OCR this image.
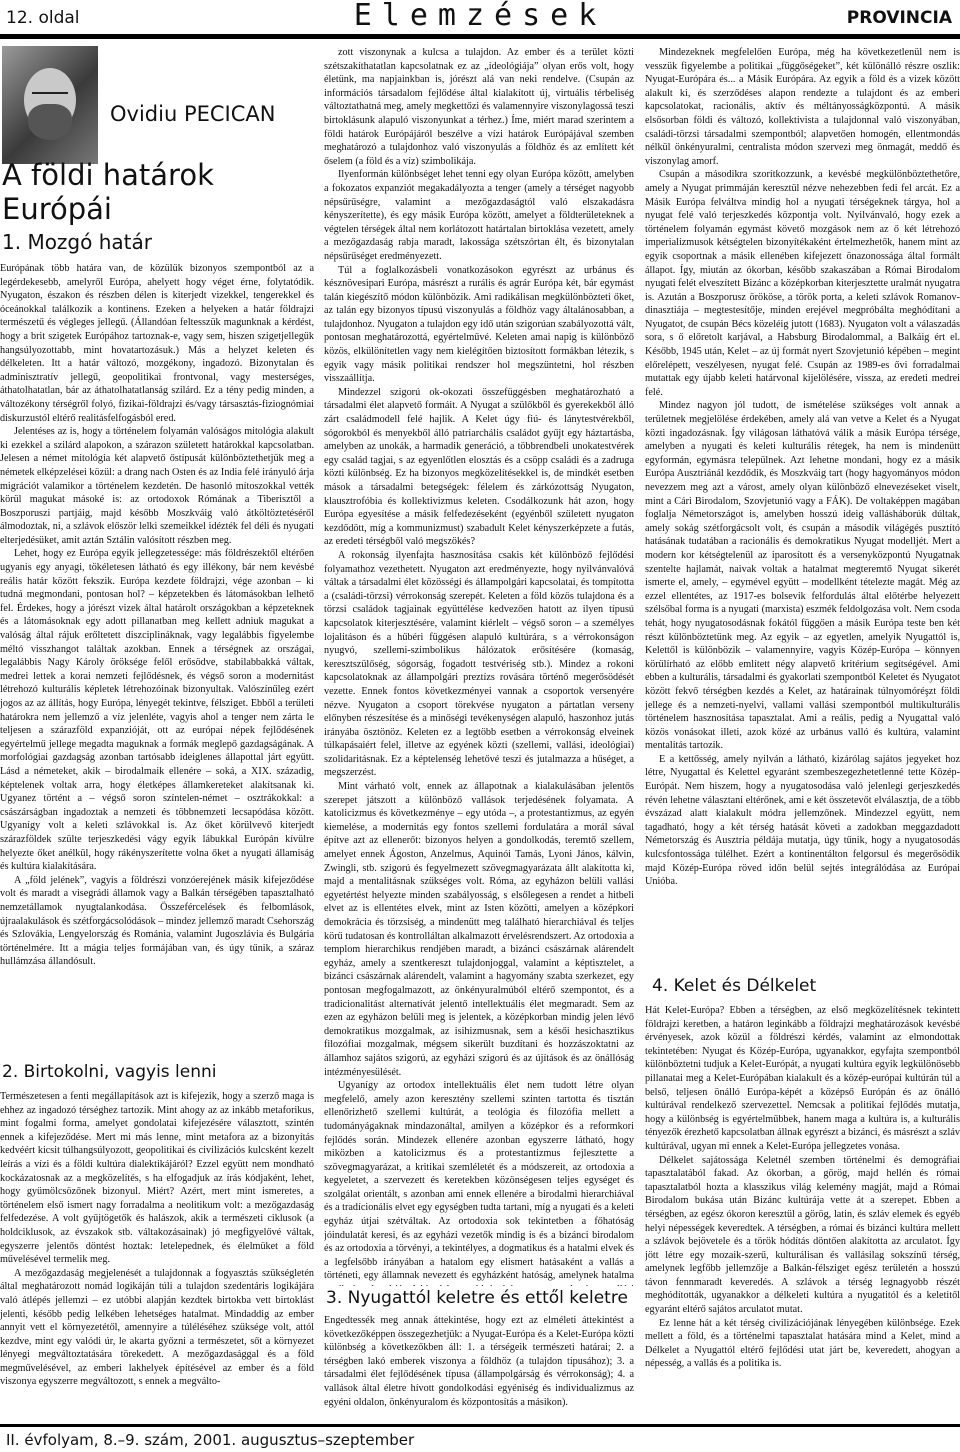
12. oldal	Elemzések	PROVINCIA
Ovidiu PECICAN
A földi határok Európái
1. Mozgó határ

Európának több határa van, de közülük bizonyos szempontból az a legérdekesebb, amelyről Európa, ahelyett hogy véget érne, folytatódik. Nyugaton, északon és részben délen is kiterjedt vizekkel, tengerekkel és óceánokkal találkozik a kontinens. Ezeken a helyeken a határ földrajzi természetű és végleges jellegű. (Állandóan feltesszük magunknak a kérdést, hogy a brit szigetek Európához tartoznak-e, vagy sem, hiszen szigetjellegük hangsúlyozottabb, mint hovatartozásuk.) Más a helyzet keleten és délkeleten. Itt a határ változó, mozgékony, ingadozó. Bizonytalan és adminisztratív jellegű, geopolitikai frontvonal, vagy mesterséges, áthatolhatatlan, bár az áthatolhatatlanság szilárd. Ez a tény pedig minden, a változékony térségről folyó, fizikai-földrajzi és/vagy társasztás-fiziognómiai diskurzustól eltérő realitásfelfogásból ered.

Jelentéses az is, hogy a történelem folyamán valóságos mitológia alakult ki ezekkel a szilárd alapokon, a szárazon született határokkal kapcsolatban. Jelesen a német mitológia két alapvető őstípusát különböztethetjük meg a németek elképzelései közül: a drang nach Osten és az India felé irányuló árja migrációt valamikor a történelem kezdetén. De hasonló mítoszokkal vették körül magukat másoké is: az ortodoxok Rómának a Tiberisztől a Boszporuszi partjáig, majd később Moszkváig való átköltöztetéséről álmodoztak, ni, a szlávok először lelki szemeikkel idézték fel déli és nyugati elterjedésüket, amit aztán Sztálin valósított részben meg.

Lehet, hogy ez Európa egyik jellegzetessége: más földrészektől eltérően ugyanis egy anyagi, tökéletesen látható és egy illékony, bár nem kevésbé reális határ között fekszik. Európa kezdete földrajzi, vége azonban – ki tudná megmondani, pontosan hol? – képzetekben és látomásokban lelhető fel. Érdekes, hogy a jórészt vizek által határolt országokban a képzeteknek és a látomásoknak egy adott pillanatban meg kellett adniuk magukat a valóság által rájuk erőltetett diszciplináknak, vagy legalábbis figyelembe méltó visszhangot találtak azokban. Ennek a térségnek az országai, legalábbis Nagy Károly öröksége felől erősödve, stabilabbakká váltak, medrei lettek a korai nemzeti fejlődésnek, és végső soron a modernitást létrehozó kulturális képletek létrehozóinak bizonyultak. Valószínűleg ezért jogos az az állítás, hogy Európa, lényegét tekintve, félsziget. Ebből a területi határokra nem jellemző a víz jelenléte, vagyis ahol a tenger nem zárta le teljesen a szárazföld expanzióját, ott az európai népek fejlődésének egyértelmű jellege megadta maguknak a formák meglepő gazdagságának. A morfológiai gazdagság azonban tartósabb ideiglenes állapottal járt együtt. Lásd a németeket, akik – birodalmaik ellenére – soká, a XIX. századig, képtelenek voltak arra, hogy életképes államkereteket alakítsanak ki. Ugyanez történt a – végső soron színtelen-német – osztrákokkal: a császárságban ingadoztak a nemzeti és többnemzeti lecsapódása között. Ugyanígy volt a keleti szlávokkal is. Az őket körülvevő kiterjedt szárazföldek szülte terjeszkedési vágy egyik lábukkal Európán kívülre helyezte őket anélkül, hogy rákényszerítette volna őket a nyugati államiság és kultúra kialakítására.

A „föld jelének”, vagyis a földrészi vonzóerejének másik kifejeződése volt és maradt a visegrádi államok vagy a Balkán térségében tapasztalható nemzetállamok nyugtalankodása. Összefércelések és felbomlások, újraalakulások és szétforgácsolódások – mindez jellemző maradt Csehország és Szlovákia, Lengyelország és Románia, valamint Jugoszlávia és Bulgária történelmére. Itt a mágia teljes formájában van, és úgy tűnik, a száraz hullámzása állandósult.

2. Birtokolni, vagyis lenni

Természetesen a fenti megállapítások azt is kifejezik, hogy a szerző maga is ehhez az ingadozó térséghez tartozik. Mint ahogy az az inkább metaforikus, mint fogalmi forma, amelyet gondolatai kifejezésére választott, szintén ennek a kifejeződése. Mert mi más lenne, mint metafora az a bizonyítás kedvéért kicsit túlhangsúlyozott, geopolitikai és civilizációs kulcsként kezelt leírás a vízi és a földi kultúra dialektikájáról? Ezzel együtt nem mondható kockázatosnak az a megközelítés, s ha elfogadjuk az írás kódjaként, lehet, hogy gyümölcsözőnek bizonyul. Miért? Azért, mert mint ismeretes, a történelem első ismert nagy forradalma a neolitikum volt: a mezőgazdaság felfedezése. A volt gyűjtögetők és halászok, akik a természeti ciklusok (a holdciklusok, az évszakok stb. váltakozásainak) jó megfigyelővé váltak, egyszerre jelentős döntést hoztak: letelepednek, és élelmüket a föld művelésével termelik meg.

A mezőgazdaság megjelenését a tulajdonnak a fogyasztás szükségletén által meghatározott nomád logikáján túli a tulajdon szedentáris logikájára való átlépés jellemzi – ez utóbbi alapján kezdtek birtokba vett birtoklást jelenti, később pedig lelkében lehetséges hatalmat. Mindaddig az ember annyit vett el környezetétől, amennyire a túléléséhez szüksége volt, attól kezdve, mint egy valódi úr, le akarta győzni a természetet, sőt a környezet lényegi megváltoztatására törekedett. A mezőgazdasággal és a föld megművelésével, az emberi lakhelyek építésével az ember és a föld viszonya egyszerre megváltozott, s ennek a megválto-

zott viszonynak a kulcsa a tulajdon. Az ember és a terület közti szétszakíthatatlan kapcsolatnak ez az „ideológiája” olyan erős volt, hogy életünk, ma napjainkban is, jórészt alá van neki rendelve. (Csupán az információs társadalom fejlődése által kialakított új, virtuális térbeliség változtathatná meg, amely megkettőzi és valamennyire viszonylagossá teszi birtoklásunk alapuló viszonyunkat a térhez.) Íme, miért marad szerintem a földi határok Európájáról beszélve a vízi határok Európájával szemben meghatározó a tulajdonhoz való viszonyulás a földhöz és az említett két őselem (a föld és a víz) szimbolikája.

Ilyenformán különbséget lehet tenni egy olyan Európa között, amelyben a fokozatos expanziót megakadályozta a tenger (amely a térséget nagyobb népsűrűségre, valamint a mezőgazdaságtól való elszakadásra kényszerítette), és egy másik Európa között, amelyet a földterületeknek a végtelen térségek által nem korlátozott határtalan birtoklása vezetett, amely a mezőgazdaság rabja maradt, lakossága szétszórtan élt, és bizonytalan népsűrűséget eredményezett.

Túl a foglalkozásbeli vonatkozásokon egyrészt az urbánus és késznövesipari Európa, másrészt a rurális és agrár Európa két, bár egymást talán kiegészítő módon különbözik. Ami radikálisan megkülönbözteti őket, az talán egy bizonyos típusú viszonyulás a földhöz vagy általánosabban, a tulajdonhoz. Nyugaton a tulajdon egy idő után szigorúan szabályozottá vált, pontosan meghatározottá, egyértelművé. Keleten amai napig is különböző közös, elkülönítetlen vagy nem kielégítően biztosított formákban létezik, s egyik vagy másik politikai rendszer hol megszüntetni, hol részben visszaállítja.

Mindezzel szigorú ok-okozati összefüggésben meghatározható a társadalmi élet alapvető formáit. A Nyugat a szülőkből és gyerekekből álló zárt családmodell felé hajlik. A Kelet úgy fiú- és lánytestvérekből, sógorokból és menyekből álló patriarchális családot gyűjt egy háztartásba, amelyben az unokák, a harmadik generáció, a többrendbeli unokatestvérek egy család tagjai, s az egyenlőtlen elosztás és a csöpp családi és a zadruga közti különbség. Ez ha bizonyos megközelítésekkel is, de mindkét esetben mások a társadalmi betegségek: félelem és zárkózottság Nyugaton, klausztrofóbia és kollektivizmus keleten. Csodálkozunk hát azon, hogy Európa egyesítése a másik felfedezéseként (egyénből született nyugaton kezdődött, míg a kommunizmust) szabadult Kelet kényszerképzete a futás, az eredeti térségből való megszökés?

A rokonság ilyenfajta hasznosítása csakis két különböző fejlődési folyamathoz vezethetett. Nyugaton azt eredményezte, hogy nyilvánvalóvá váltak a társadalmi élet közösségi és állampolgári kapcsolatai, és tompította a (családi-törzsi) vérrokonság szerepét. Keleten a föld közös tulajdona és a törzsi családok tagjainak együttélése kedvezően hatott az ilyen típusú kapcsolatok kiterjesztésére, valamint kiérlelt – végső soron – a személyes lojalitáson és a hűbéri függésen alapuló kultúrára, s a vérrokonságon nyugvó, szellemi-szimbolikus hálózatok erősítésére (komaság, keresztszülőség, sógorság, fogadott testvériség stb.). Mindez a rokoni kapcsolatoknak az állampolgári preztízs rovására történő megerősödését vezette. Ennek fontos következményei vannak a csoportok versenyére nézve. Nyugaton a csoport törekvése nyugaton a pártatlan verseny előnyben részesítése és a minőségi tevékenységen alapuló, haszonhoz jutás irányába ösztönöz. Keleten ez a legtöbb esetben a vérrokonság elveinek túlkapásaiért felel, illetve az egyének közti (szellemi, vallási, ideológiai) szolidaritásnak. Ez a képtelenség lehetővé teszi és jutalmazza a hűséget, a megszerzést.

Mint várható volt, ennek az állapotnak a kialakulásában jelentős szerepet játszott a különböző vallások terjedésének folyamata. A katolicizmus és következménye – egy utóda –, a protestantizmus, az egyén kiemelése, a modernitás egy fontos szellemi fordulatára a morál sával építve azt az ellenerőt: bizonyos helyen a gondolkodás, teremtő szellem, amelyet ennek Ágoston, Anzelmus, Aquinói Tamás, Lyoni János, kálvin, Zwingli, stb. szigorú és fegyelmezett szövegmagyarázata állt alakította ki, majd a mentalitásnak szükséges volt. Róma, az egyházon belüli vallási egyetértést helyezte minden szabályosság, s elsőlegesen a rendet a hitbeli elvet az is ellentétes elvek, mint az Isten közötti, amelyen a középkori demokrácia és törzsiség, a mindenütt meg található hierarchiával és teljes körű tudatosan és kontrolláltan alkalmazott érvelésrendszert. Az ortodoxia a templom hierarchikus rendjében maradt, a bizánci császárnak alárendelt egyház, amely a szentkereszt tulajdonjoggal, valamint a képtisztelet, a bizánci császárnak alárendelt, valamint a hagyomány szabta szerkezet, egy pontosan megfogalmazott, az önkényuralmúból eltérő szempontot, és a tradicionalitást alternatívát jelentő intellektuális élet megmaradt. Sem az ezen az egyházon belüli meg is jelentek, a középkorban mindig jelen lévő demokratikus mozgalmak, az isihizmusnak, sem a késői hesichasztikus filozófiai mozgalmak, mégsem sikerült buzdítani és hozzászoktatni az államhoz sajátos szigorú, az egyházi szigorú és az újítások és az önállóság intézményesülését.

Ugyanígy az ortodox intellektuális élet nem tudott létre olyan megfelelő, amely azon keresztény szellemi szinten tartotta és tisztán ellenőrizhető szellemi kultúrát, a teológia és filozófia mellett a tudományágaknak mindazonáltal, amilyen a középkor és a reformkori fejlődés során. Mindezek ellenére azonban egyszerre látható, hogy miközben a katolicizmus és a protestantizmus fejlesztette a szövegmagyarázat, a kritikai szemléletét és a módszereit, az ortodoxia a kegyeletet, a szervezett és keretekben közönségesen teljes egységet és szolgálat orientált, s azonban ami ennek ellenére a birodalmi hierarchiával és a tradícionális elvet egy egységben tudta tartani, míg a nyugati és a keleti egyház útjai szétváltak. Az ortodoxia sok tekintetben a főhatóság jóindulatát keresi, és az egyházi vezetők mindig is és a bizánci birodalom és az ortodoxia a törvényi, a tekintélyes, a dogmatikus és a hatalmi elvek és a legfelsőbb irányában a hatalom egy elismert hatásaként a vallás a történeti, egy államnak nevezett és egyházként hatóság, amelynek hatalma

3. Nyugattól keletre és ettől keletre

Engedtessék meg annak áttekintése, hogy ezt az elméleti áttekintést a következőképpen összegezhetjük: a Nyugat-Európa és a Kelet-Európa közti különbség a következőkben áll: 1. a térségeik természeti határai; 2. a térségben lakó emberek viszonya a földhöz (a tulajdon típusához); 3. a társadalmi élet fejlődésének típusa (állampolgárság és vérrokonság); 4. a vallások által életre hívott gondolkodási egyéniség és individualizmus az egyéni oldalon, önkényuralom és központosítás a másikon).

Mindezeknek megfelelően Európa, még ha következetlenül nem is vesszük figyelembe a politikai „függőségeket”, két különálló részre oszlik: Nyugat-Európára és... a Másik Európára. Az egyik a föld és a vizek között alakult ki, és szerződéses alapon rendezte a tulajdont és az emberi kapcsolatokat, racionális, aktív és méltányosságközpontú. A másik elsősorban földi és változó, kollektivista a tulajdonnal való viszonyában, családi-törzsi társadalmi szempontból; alapvetően homogén, ellentmondás nélkül önkényuralmi, centralista módon szervezi meg önmagát, meddő és viszonylag amorf.

Csupán a másodikra szorítkozzunk, a kevésbé megkülönböztethetőre, amely a Nyugat primmáján keresztül nézve nehezebben fedi fel arcát. Ez a Másik Európa felváltva mindig hol a nyugati térségeknek tárgya, hol a nyugat felé való terjeszkedés központja volt. Nyilvánvaló, hogy ezek a történelem folyamán egymást követő mozgások nem az ő két létrehozó imperializmusok kétségtelen bizonyítékaként értelmezhetők, hanem mint az egyik csoportnak a másik ellenében kifejezett önazonossága által formált állapot. Így, miután az ókorban, később szakaszában a Római Birodalom nyugati felét elveszített Bizánc a középkorban kiterjesztette uralmát nyugatra is. Azután a Boszporusz örököse, a török porta, a keleti szlávok Romanov-dinasztiája – megtestesítője, minden erejével megpróbálta meghódítani a Nyugatot, de csupán Bécs közeléig jutott (1683). Nyugaton volt a válaszadás sora, s ő előretolt karjával, a Habsburg Birodalommal, a Balkáig ért el. Később, 1945 után, Kelet – az új formát nyert Szovjetunió képében – megint előrelépett, veszélyesen, nyugat felé. Csupán az 1989-es ővi forradalmai mutattak egy újabb keleti határvonal kijelölésére, vissza, az eredeti medrei felé.

Mindez nagyon jól tudott, de ismételése szükséges volt annak a területnek megjelölése érdekében, amely alá van vetve a Kelet és a Nyugat közti ingadozásnak. Így világosan láthatóvá válik a másik Európa térsége, amelyben a nyugati és keleti kulturális rétegek, ha nem is mindenütt egyformán, egymásra települnek. Azt lehetne mondani, hogy ez a másik Európa Ausztriánál kezdődik, és Moszkváig tart (hogy hagyományos módon nevezzem meg azt a várost, amely olyan különböző elnevezéseket viselt, mint a Cári Birodalom, Szovjetunió vagy a FÁK). De voltaképpen magában foglalja Németországot is, amelyben hosszú ideig vallásháborúk dúltak, amely sokág szétforgácsolt volt, és csupán a második világégés pusztító hatásának tudatában a racionális és demokratikus Nyugat modelljét. Mert a modern kor kétségtelenül az iparosított és a versenyközpontú Nyugatnak szentelte hajlamát, naivak voltak a hatalmat megteremtő Nyugat sikerét ismerte el, amely, – egymével együtt – modellként tételezte magát. Még az ezzel ellentétes, az 1917-es bolsevik felfordulás által előtérbe helyezett szélsőbal forma is a nyugati (marxista) eszmék feldolgozása volt. Nem csoda tehát, hogy nyugatosodásnak fokától függően a másik Európa teste ben két részt különböztetünk meg. Az egyik – az egyetlen, amelyik Nyugattól is, Kelettől is különbözik – valamennyire, vagyis Közép-Európa – könnyen körülírható az előbb említett négy alapvető kritérium segítségével. Ami ebben a kulturális, társadalmi és gyakorlati szempontból Keletet és Nyugatot között fekvő térségben kezdés a Kelet, az határainak túlnyomóréşzt földi jellege és a nemzeti-nyelvi, vallami vallási szempontból multikulturális történelem hasznosítása tapasztalat. Ami a reális, pedig a Nyugattal való közös vonásokat illeti, azok közé az urbánus valló és kultúra, valamint mentalitás tartozik.

E a kettősség, amely nyilván a látható, kizárólag sajátos jegyeket hoz létre, Nyugattal és Kelettel egyaránt szembeszegezhetetlenné tette Közép-Európát. Nem hiszem, hogy a nyugatosodása való jelenlegi gerjeszkedés révén lehetne választani eltérőnek, ami e két összetevőt elválasztja, de a több évszázad alatt kialakult módra jellemzőnek. Mindezzel együtt, nem tagadható, hogy a két térség hatását követi a zadokban meggazdadott Németország és Ausztria példája mutatja, úgy tűnik, hogy a nyugatosodás kulcsfontossága túlélhet. Ezért a kontinentálton felgorsul és megerősödik majd Közép-Európa röved időn belül sejtés integrálódása az Európai Unióba.

4. Kelet és Délkelet

Hát Kelet-Európa? Ebben a térségben, az első megközelítésnek tekintett földrajzi keretben, a határon leginkább a földrajzi meghatározások kevésbé érvényesek, azok közül a földrészi kérdés, valamint az elmondottak tekintetében: Nyugat és Közép-Európa, ugyanakkor, egyfajta szempontból különböztetni tudjuk a Kelet-Európát, a nyugati kultúra egyik legkülönösebb pillanatai meg a Kelet-Európában kialakult és a közép-európai kultúrán túl a belső, teljesen önálló Európa-képét a középső Európán és az önálló kultúrával rendelkező szervezettel. Nemcsak a politikai fejlődés mutatja, hogy a különbség is egyértelműbbek, hanem maga a kultúra is, a kulturális tényezők érezhető kapcsolatban állnak egyrészt a bizánci, és másrészt a szláv kultúrával, ugyan mi ennek a Kelet-Európa jellegzetes vonása.

Délkelet sajátossága Keletnél szemben történelmi és demográfiai tapasztalatából fakad. Az ókorban, a görög, majd hellén és római tapasztalatból hozta a klasszikus világ kelemény magját, majd a Római Birodalom bukása után Bizánc kultúrája vette át a szerepet. Ebben a térségben, az egész ókoron keresztül a görög, latin, és szláv elemek és egyéb helyi népességek keveredtek. A térségben, a római és bizánci kultúra mellett a szlávok bejövetele és a török hódítás döntően alakította az arculatot. Így jött létre egy mozaik-szerű, kulturálisan és vallásilag sokszínű térség, amelynek legfőbb jellemzője a Balkán-félsziget egész területén a hosszú távon fennmaradt keveredés. A szlávok a térség legnagyobb részét meghódították, ugyanakkor a délkeleti kultúra a nyugatitól és a keletitől egyaránt eltérő sajátos arculatot mutat.

Ez lenne hát a két térség civilizációjának lényegében különbsége. Ezek mellett a föld, és a történelmi tapasztalat hatására mind a Kelet, mind a Délkelet a Nyugattól eltérő fejlődési utat járt be, keveredett, ahogyan a népesség, a vallás és a politika is.

II. évfolyam, 8.–9. szám, 2001. augusztus–szeptember
